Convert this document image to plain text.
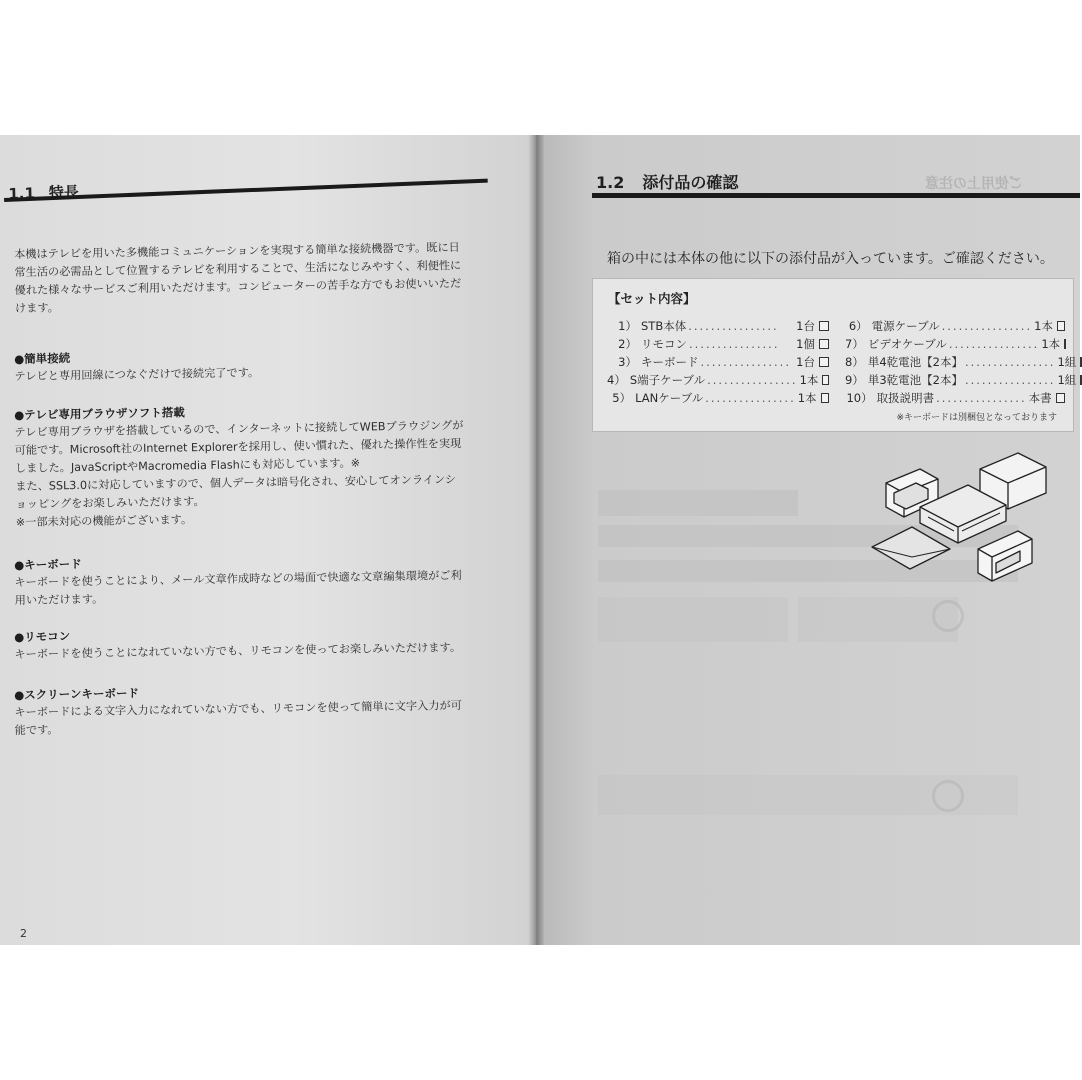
1.1 特長

本機はテレビを用いた多機能コミュニケーションを実現する簡単な接続機器です。既に日
常生活の必需品として位置するテレビを利用することで、生活になじみやすく、利便性に
優れた様々なサービスご利用いただけます。コンピューターの苦手な方でもお使いいただ
けます。

●簡単接続

テレビと専用回線につなぐだけで接続完了です。

●テレビ専用ブラウザソフト搭載

テレビ専用ブラウザを搭載しているので、インターネットに接続してWEBブラウジングが
可能です。Microsoft社のInternet Explorerを採用し、使い慣れた、優れた操作性を実現
しました。JavaScriptやMacromedia Flashにも対応しています。※
また、SSL3.0に対応していますので、個人データは暗号化され、安心してオンラインシ
ョッピングをお楽しみいただけます。
※一部未対応の機能がございます。

●キーボード

キーボードを使うことにより、メール文章作成時などの場面で快適な文章編集環境がご利
用いただけます。

●リモコン

キーボードを使うことになれていない方でも、リモコンを使ってお楽しみいただけます。

●スクリーンキーボード

キーボードによる文字入力になれていない方でも、リモコンを使って簡単に文字入力が可
能です。

2
ご使用上の注意
1.2 添付品の確認
箱の中には本体の他に以下の添付品が入っています。ご確認ください。
【セット内容】
1） STB本体 ................	1台
2） リモコン ................	1個
3） キーボード ................ 1台
4） S端子ケーブル ................ 1本
5） LANケーブル ................ 1本
6） 電源ケーブル ................ 1本
7） ビデオケーブル ................ 1本
8） 単4乾電池【2本】 ................ 1組
9） 単3乾電池【2本】 ................ 1組
10） 取扱説明書 ................ 本書
※キーボードは別梱包となっております
